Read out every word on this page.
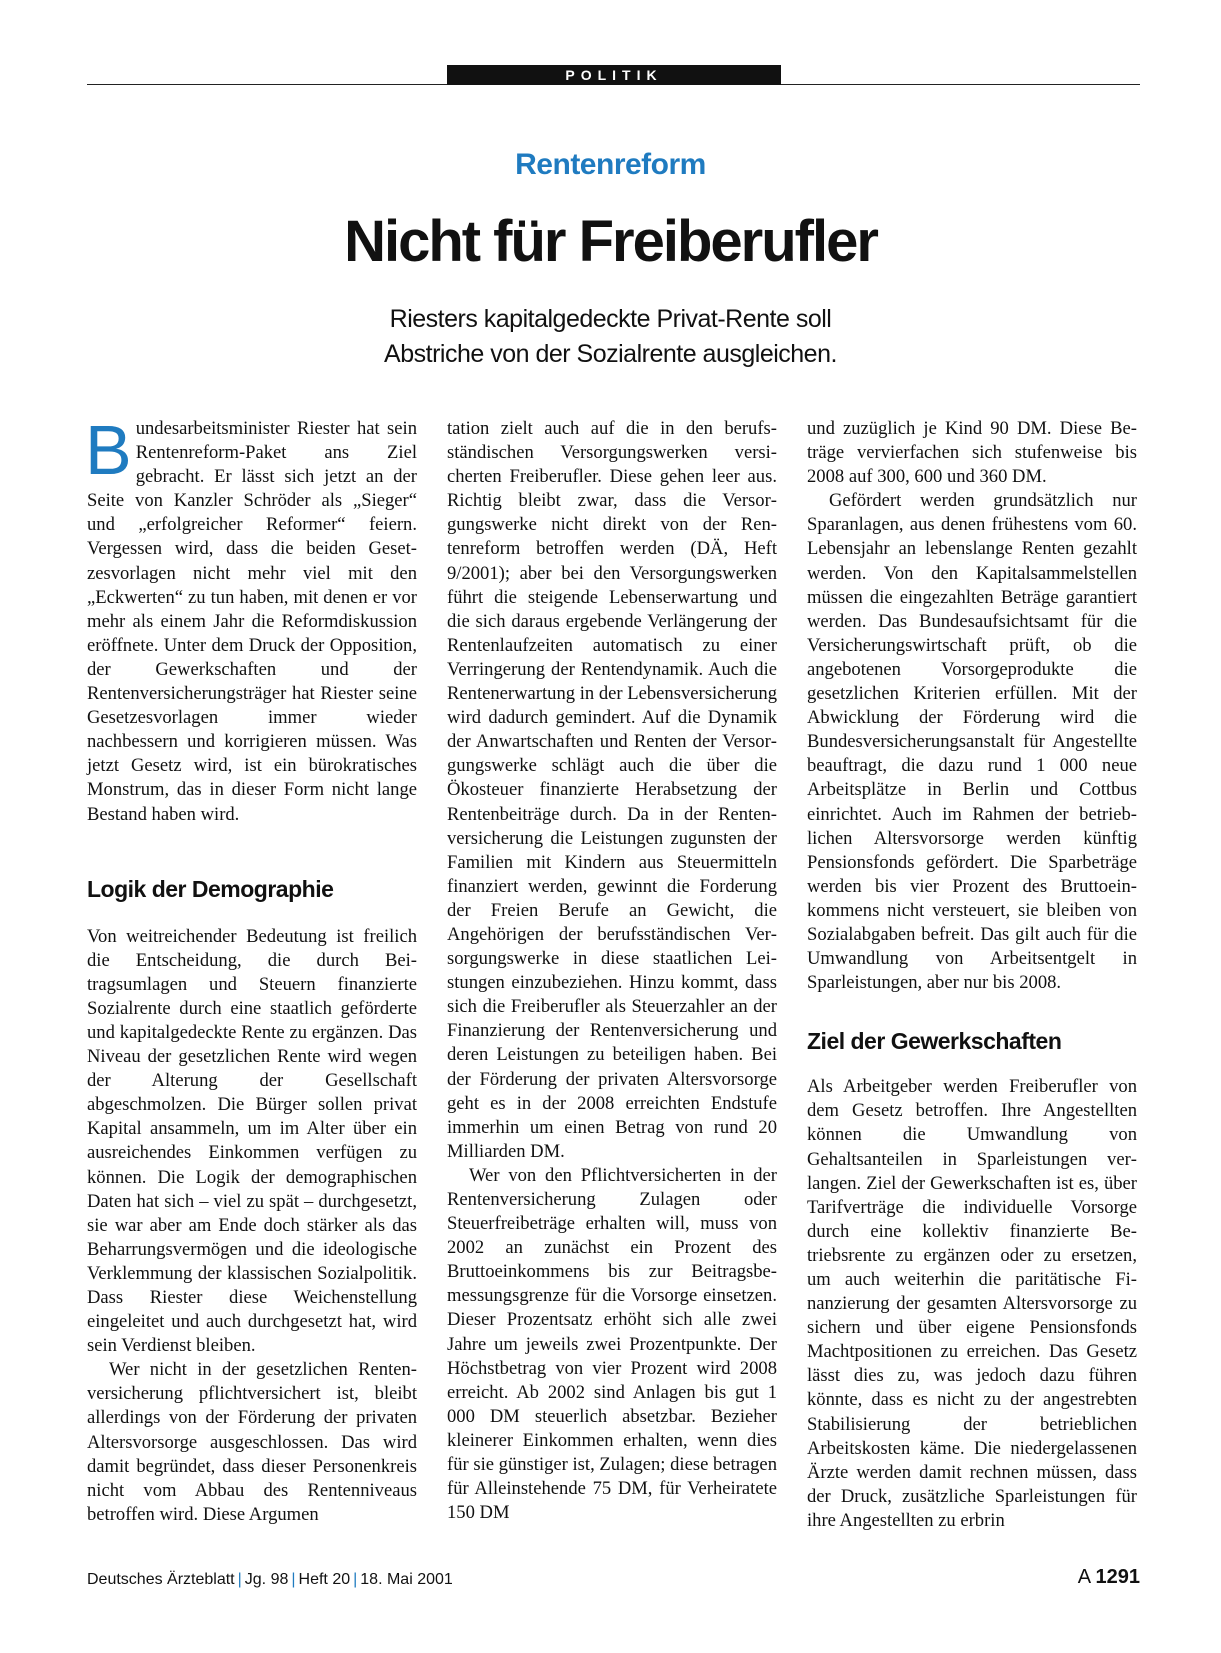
POLITIK
Rentenreform
Nicht für Freiberufler
Riesters kapitalgedeckte Privat-Rente soll
Abstriche von der Sozialrente ausgleichen.

Bundesarbeitsminister Riester hat sein Rentenreform-Paket ans Ziel gebracht. Er lässt sich jetzt an der Seite von Kanzler Schröder als „Sieger“ und „erfolgreicher Reformer“ feiern. Vergessen wird, dass die beiden Gesetzesvorlagen nicht mehr viel mit den „Eckwerten“ zu tun haben, mit denen er vor mehr als einem Jahr die Reformdiskussion eröffnete. Unter dem Druck der Opposition, der Gewerkschaften und der Rentenversicherungsträger hat Riester seine Gesetzesvorlagen immer wieder nachbessern und korrigieren müssen. Was jetzt Gesetz wird, ist ein bürokratisches Monstrum, das in dieser Form nicht lange Bestand haben wird.

Logik der Demographie

Von weitreichender Bedeutung ist freilich die Entscheidung, die durch Beitragsumlagen und Steuern finanzierte Sozialrente durch eine staatlich geförderte und kapitalgedeckte Rente zu ergänzen. Das Niveau der gesetzlichen Rente wird wegen der Alterung der Gesellschaft abgeschmolzen. Die Bürger sollen privat Kapital ansammeln, um im Alter über ein ausreichendes Einkommen verfügen zu können. Die Logik der demographischen Daten hat sich – viel zu spät – durchgesetzt, sie war aber am Ende doch stärker als das Beharrungsvermögen und die ideologische Verklemmung der klassischen Sozialpolitik. Dass Riester diese Weichenstellung eingeleitet und auch durchgesetzt hat, wird sein Verdienst bleiben.

Wer nicht in der gesetzlichen Rentenversicherung pflichtversichert ist, bleibt allerdings von der Förderung der privaten Altersvorsorge ausgeschlossen. Das wird damit begründet, dass dieser Personenkreis nicht vom Abbau des Rentenniveaus betroffen wird. Diese Argumen

tation zielt auch auf die in den berufsständischen Versorgungswerken versicherten Freiberufler. Diese gehen leer aus. Richtig bleibt zwar, dass die Versorgungswerke nicht direkt von der Rentenreform betroffen werden (DÄ, Heft 9/2001); aber bei den Versorgungswerken führt die steigende Lebenserwartung und die sich daraus ergebende Verlängerung der Rentenlaufzeiten automatisch zu einer Verringerung der Rentendynamik. Auch die Rentenerwartung in der Lebensversicherung wird dadurch gemindert. Auf die Dynamik der Anwartschaften und Renten der Versorgungswerke schlägt auch die über die Ökosteuer finanzierte Herabsetzung der Rentenbeiträge durch. Da in der Rentenversicherung die Leistungen zugunsten der Familien mit Kindern aus Steuermitteln finanziert werden, gewinnt die Forderung der Freien Berufe an Gewicht, die Angehörigen der berufsständischen Versorgungswerke in diese staatlichen Leistungen einzubeziehen. Hinzu kommt, dass sich die Freiberufler als Steuerzahler an der Finanzierung der Rentenversicherung und deren Leistungen zu beteiligen haben. Bei der Förderung der privaten Altersvorsorge geht es in der 2008 erreichten Endstufe immerhin um einen Betrag von rund 20 Milliarden DM.

Wer von den Pflichtversicherten in der Rentenversicherung Zulagen oder Steuerfreibeträge erhalten will, muss von 2002 an zunächst ein Prozent des Bruttoeinkommens bis zur Beitragsbemessungsgrenze für die Vorsorge einsetzen. Dieser Prozentsatz erhöht sich alle zwei Jahre um jeweils zwei Prozentpunkte. Der Höchstbetrag von vier Prozent wird 2008 erreicht. Ab 2002 sind Anlagen bis gut 1 000 DM steuerlich absetzbar. Bezieher kleinerer Einkommen erhalten, wenn dies für sie günstiger ist, Zulagen; diese betragen für Alleinstehende 75 DM, für Verheiratete 150 DM

und zuzüglich je Kind 90 DM. Diese Beträge vervierfachen sich stufenweise bis 2008 auf 300, 600 und 360 DM.

Gefördert werden grundsätzlich nur Sparanlagen, aus denen frühestens vom 60. Lebensjahr an lebenslange Renten gezahlt werden. Von den Kapitalsammelstellen müssen die eingezahlten Beträge garantiert werden. Das Bundesaufsichtsamt für die Versicherungswirtschaft prüft, ob die angebotenen Vorsorgeprodukte die gesetzlichen Kriterien erfüllen. Mit der Abwicklung der Förderung wird die Bundesversicherungsanstalt für Angestellte beauftragt, die dazu rund 1 000 neue Arbeitsplätze in Berlin und Cottbus einrichtet. Auch im Rahmen der betrieblichen Altersvorsorge werden künftig Pensionsfonds gefördert. Die Sparbeträge werden bis vier Prozent des Bruttoeinkommens nicht versteuert, sie bleiben von Sozialabgaben befreit. Das gilt auch für die Umwandlung von Arbeitsentgelt in Sparleistungen, aber nur bis 2008.

Ziel der Gewerkschaften

Als Arbeitgeber werden Freiberufler von dem Gesetz betroffen. Ihre Angestellten können die Umwandlung von Gehaltsanteilen in Sparleistungen verlangen. Ziel der Gewerkschaften ist es, über Tarifverträge die individuelle Vorsorge durch eine kollektiv finanzierte Betriebsrente zu ergänzen oder zu ersetzen, um auch weiterhin die paritätische Finanzierung der gesamten Altersvorsorge zu sichern und über eigene Pensionsfonds Machtpositionen zu erreichen. Das Gesetz lässt dies zu, was jedoch dazu führen könnte, dass es nicht zu der angestrebten Stabilisierung der betrieblichen Arbeitskosten käme. Die niedergelassenen Ärzte werden damit rechnen müssen, dass der Druck, zusätzliche Sparleistungen für ihre Angestellten zu erbrin

Deutsches Ärzteblatt | Jg. 98 | Heft 20 | 18. Mai 2001	A 1291
